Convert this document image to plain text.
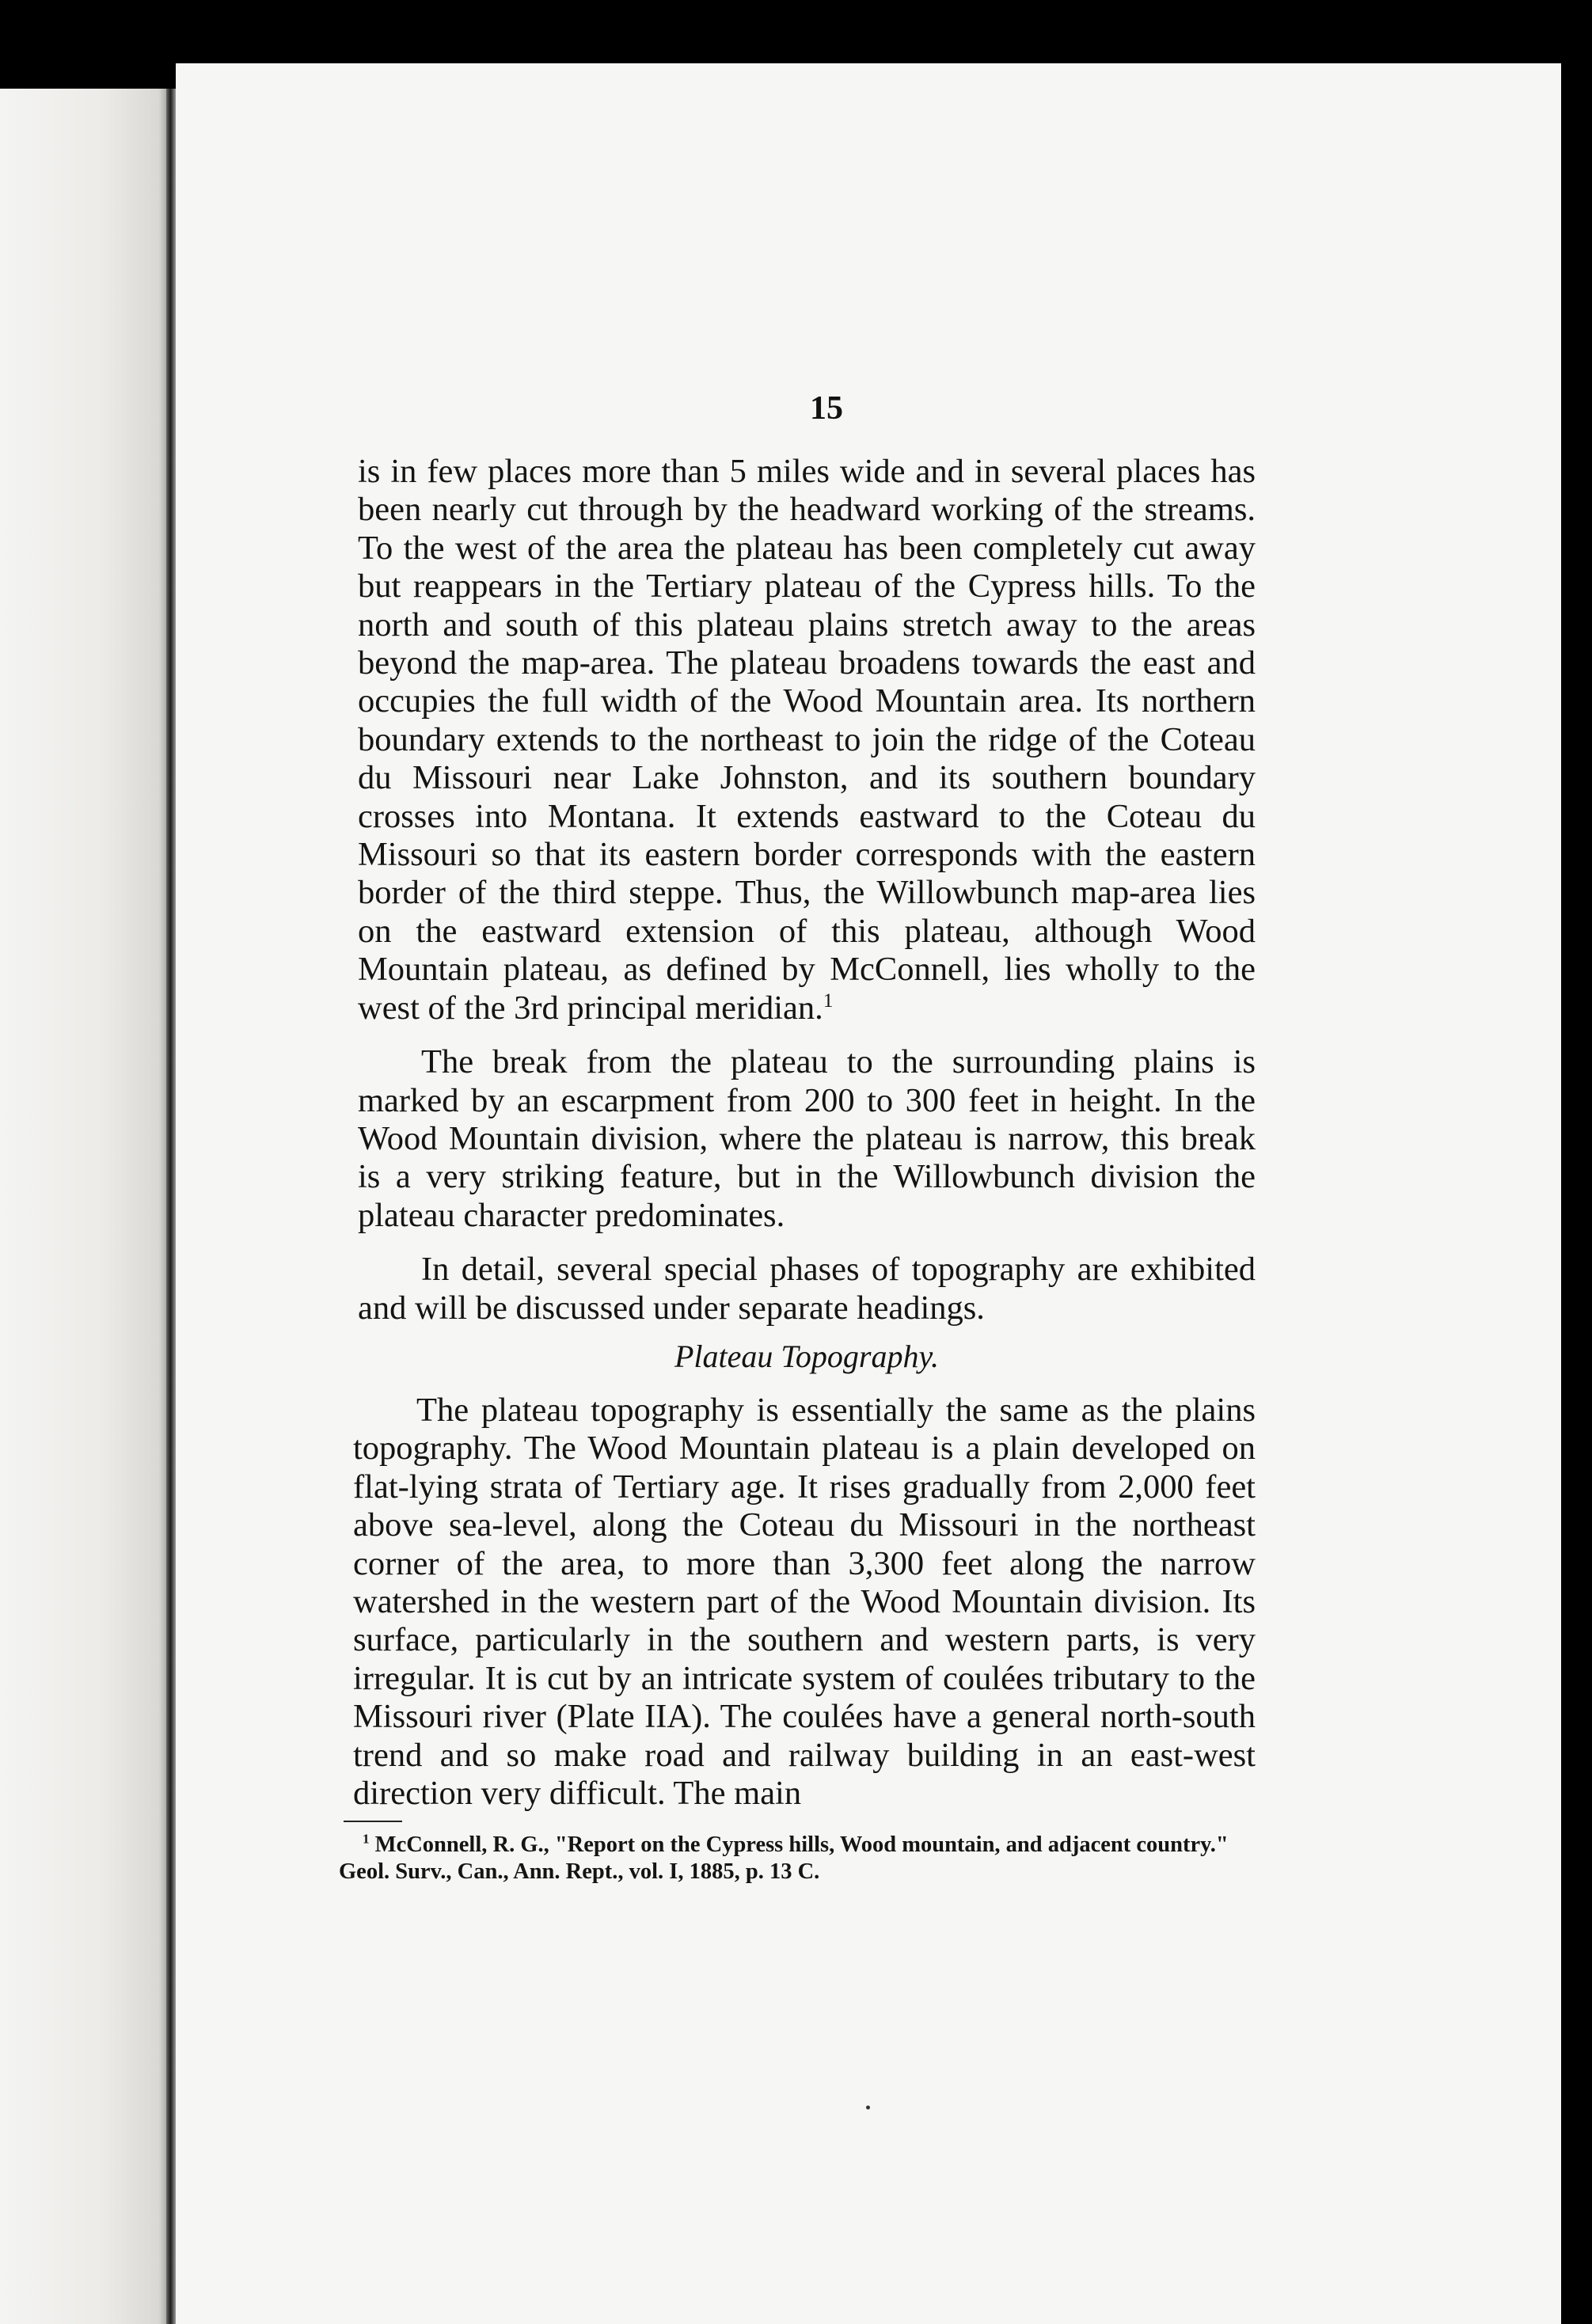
15

is in few places more than 5 miles wide and in several places has been nearly cut through by the headward working of the streams. To the west of the area the plateau has been completely cut away but reappears in the Tertiary plateau of the Cypress hills. To the north and south of this plateau plains stretch away to the areas beyond the map-area. The plateau broadens towards the east and occupies the full width of the Wood Mountain area. Its northern boundary extends to the northeast to join the ridge of the Coteau du Missouri near Lake Johnston, and its southern boundary crosses into Montana. It extends eastward to the Coteau du Missouri so that its eastern border corresponds with the eastern border of the third steppe. Thus, the Willowbunch map-area lies on the eastward extension of this plateau, although Wood Mountain plateau, as defined by McConnell, lies wholly to the west of the 3rd principal meridian.$^1$

The break from the plateau to the surrounding plains is marked by an escarpment from 200 to 300 feet in height. In the Wood Mountain division, where the plateau is narrow, this break is a very striking feature, but in the Willowbunch division the plateau character predominates.

In detail, several special phases of topography are exhibited and will be discussed under separate headings.

Plateau Topography.

The plateau topography is essentially the same as the plains topography. The Wood Mountain plateau is a plain developed on flat-lying strata of Tertiary age. It rises gradually from 2,000 feet above sea-level, along the Coteau du Missouri in the northeast corner of the area, to more than 3,300 feet along the narrow watershed in the western part of the Wood Mountain division. Its surface, particularly in the southern and western parts, is very irregular. It is cut by an intricate system of coulées tributary to the Missouri river (Plate IIA). The coulées have a general north-south trend and so make road and railway building in an east-west direction very difficult. The main

$^1$ McConnell, R. G., "Report on the Cypress hills, Wood mountain, and adjacent country." Geol. Surv., Can., Ann. Rept., vol. I, 1885, p. 13 C.
